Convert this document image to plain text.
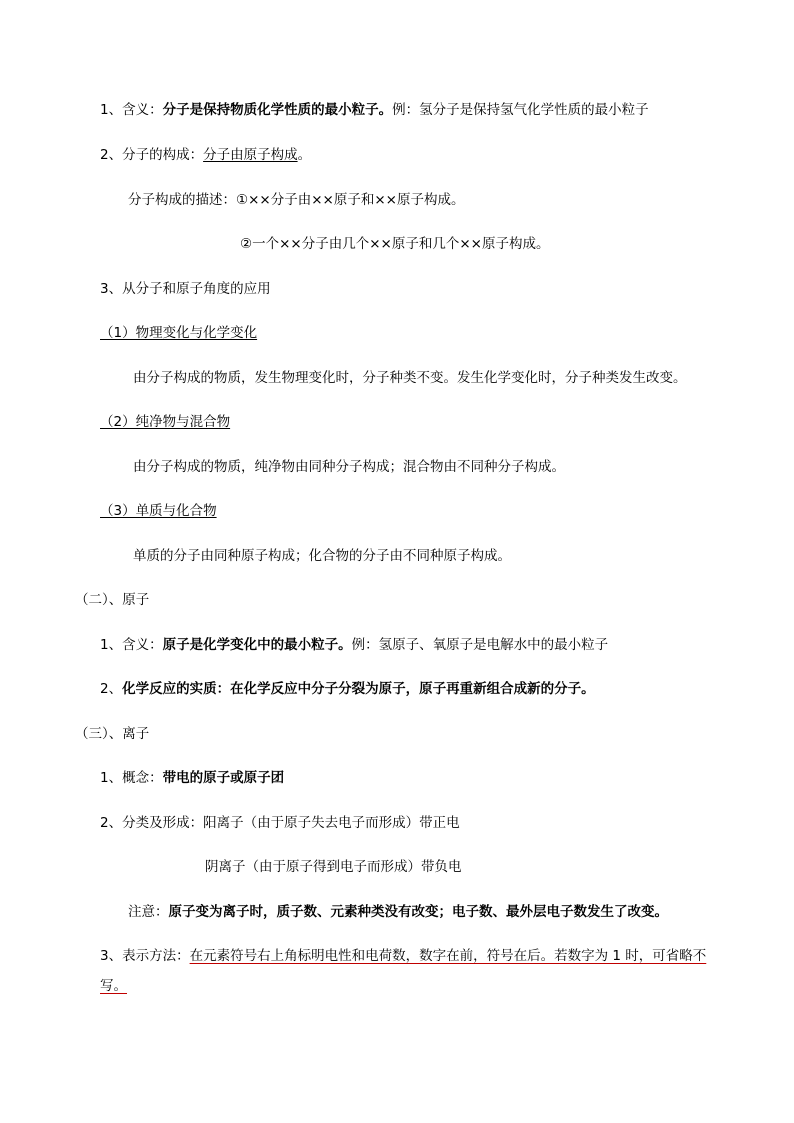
1、含义：分子是保持物质化学性质的最小粒子。例：氢分子是保持氢气化学性质的最小粒子
2、分子的构成：分子由原子构成。
分子构成的描述：①××分子由××原子和××原子构成。
②一个××分子由几个××原子和几个××原子构成。
3、从分子和原子角度的应用
（1）物理变化与化学变化
由分子构成的物质，发生物理变化时，分子种类不变。发生化学变化时，分子种类发生改变。
（2）纯净物与混合物
由分子构成的物质，纯净物由同种分子构成；混合物由不同种分子构成。
（3）单质与化合物
单质的分子由同种原子构成；化合物的分子由不同种原子构成。
（二）、原子
1、含义：原子是化学变化中的最小粒子。例：氢原子、氧原子是电解水中的最小粒子
2、化学反应的实质：在化学反应中分子分裂为原子，原子再重新组合成新的分子。
（三）、离子
1、概念：带电的原子或原子团
2、分类及形成：阳离子（由于原子失去电子而形成）带正电
阴离子（由于原子得到电子而形成）带负电
注意：原子变为离子时，质子数、元素种类没有改变；电子数、最外层电子数发生了改变。
3、表示方法：在元素符号右上角标明电性和电荷数，数字在前，符号在后。若数字为 1 时，可省略不
写。
